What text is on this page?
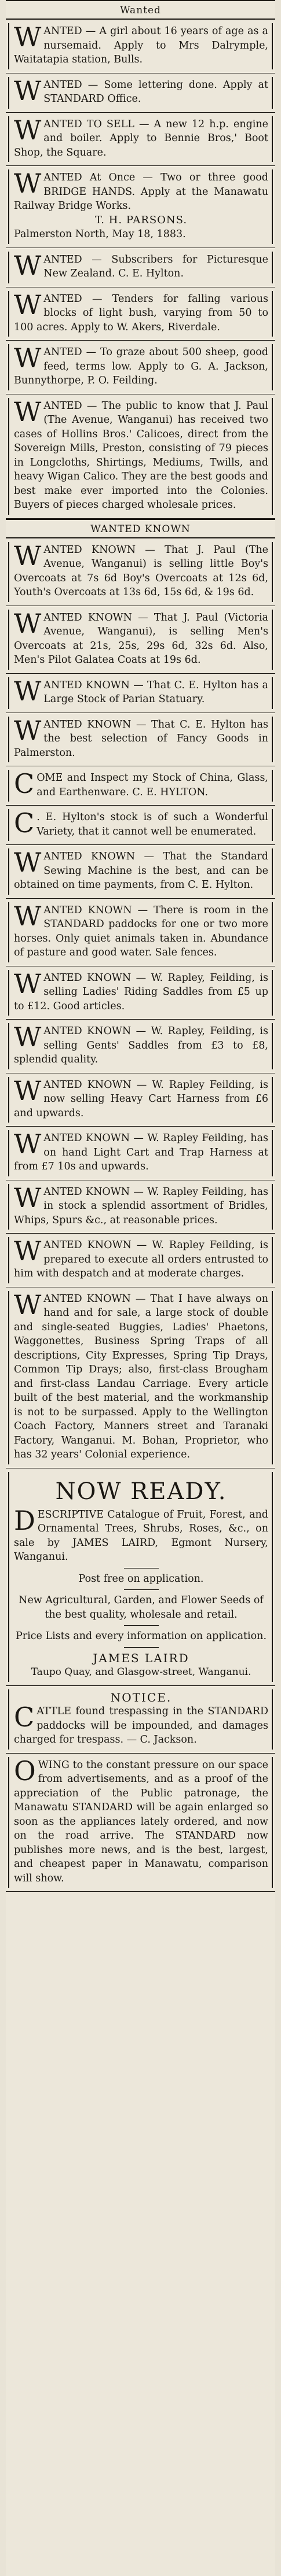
Wanted
W ANTED — A girl about 16 years of age as a nursemaid. Apply to Mrs Dalrymple, Waitatapia station, Bulls.
W ANTED — Some lettering done. Apply at STANDARD Office.
W ANTED TO SELL — A new 12 h.p. engine and boiler. Apply to Bennie Bros,' Boot Shop, the Square.
W ANTED At Once — Two or three good BRIDGE HANDS. Apply at the Manawatu Railway Bridge Works.
T. H. PARSONS.
Palmerston North, May 18, 1883.
W ANTED — Subscribers for Picturesque New Zealand. C. E. Hylton.
W ANTED — Tenders for falling various blocks of light bush, varying from 50 to 100 acres. Apply to W. Akers, Riverdale.
W ANTED — To graze about 500 sheep, good feed, terms low. Apply to G. A. Jackson, Bunnythorpe, P. O. Feilding.
W ANTED — The public to know that J. Paul (The Avenue, Wanganui) has received two cases of Hollins Bros.' Calicoes, direct from the Sovereign Mills, Preston, consisting of 79 pieces in Longcloths, Shirtings, Mediums, Twills, and heavy Wigan Calico. They are the best goods and best make ever imported into the Colonies. Buyers of pieces charged wholesale prices.
WANTED KNOWN
W ANTED KNOWN — That J. Paul (The Avenue, Wanganui) is selling little Boy's Overcoats at 7s 6d Boy's Overcoats at 12s 6d, Youth's Overcoats at 13s 6d, 15s 6d, & 19s 6d.
W ANTED KNOWN — That J. Paul (Victoria Avenue, Wanganui), is selling Men's Overcoats at 21s, 25s, 29s 6d, 32s 6d. Also, Men's Pilot Galatea Coats at 19s 6d.
W ANTED KNOWN — That C. E. Hylton has a Large Stock of Parian Statuary.
W ANTED KNOWN — That C. E. Hylton has the best selection of Fancy Goods in Palmerston.
C OME and Inspect my Stock of China, Glass, and Earthenware. C. E. HYLTON.
C . E. Hylton's stock is of such a Wonderful Variety, that it cannot well be enumerated.
W ANTED KNOWN — That the Standard Sewing Machine is the best, and can be obtained on time payments, from C. E. Hylton.
W ANTED KNOWN — There is room in the STANDARD paddocks for one or two more horses. Only quiet animals taken in. Abundance of pasture and good water. Sale fences.
W ANTED KNOWN — W. Rapley, Feilding, is selling Ladies' Riding Saddles from £5 up to £12. Good articles.
W ANTED KNOWN — W. Rapley, Feilding, is selling Gents' Saddles from £3 to £8, splendid quality.
W ANTED KNOWN — W. Rapley Feilding, is now selling Heavy Cart Harness from £6 and upwards.
W ANTED KNOWN — W. Rapley Feilding, has on hand Light Cart and Trap Harness at from £7 10s and upwards.
W ANTED KNOWN — W. Rapley Feilding, has in stock a splendid assortment of Bridles, Whips, Spurs &c., at reasonable prices.
W ANTED KNOWN — W. Rapley Feilding, is prepared to execute all orders entrusted to him with despatch and at moderate charges.
W ANTED KNOWN — That I have always on hand and for sale, a large stock of double and single-seated Buggies, Ladies' Phaetons, Waggonettes, Business Spring Traps of all descriptions, City Expresses, Spring Tip Drays, Common Tip Drays; also, first-class Brougham and first-class Landau Carriage. Every article built of the best material, and the workmanship is not to be surpassed. Apply to the Wellington Coach Factory, Manners street and Taranaki Factory, Wanganui. M. Bohan, Proprietor, who has 32 years' Colonial experience.
NOW READY.
D ESCRIPTIVE Catalogue of Fruit, Forest, and Ornamental Trees, Shrubs, Roses, &c., on sale by JAMES LAIRD, Egmont Nursery, Wanganui.
Post free on application.
New Agricultural, Garden, and Flower Seeds of the best quality, wholesale and retail.
Price Lists and every information on application.
JAMES LAIRD
Taupo Quay, and Glasgow-street, Wanganui.
NOTICE.
C ATTLE found trespassing in the STANDARD paddocks will be impounded, and damages charged for trespass. — C. Jackson.
O WING to the constant pressure on our space from advertisements, and as a proof of the appreciation of the Public patronage, the Manawatu STANDARD will be again enlarged so soon as the appliances lately ordered, and now on the road arrive. The STANDARD now publishes more news, and is the best, largest, and cheapest paper in Manawatu, comparison will show.
